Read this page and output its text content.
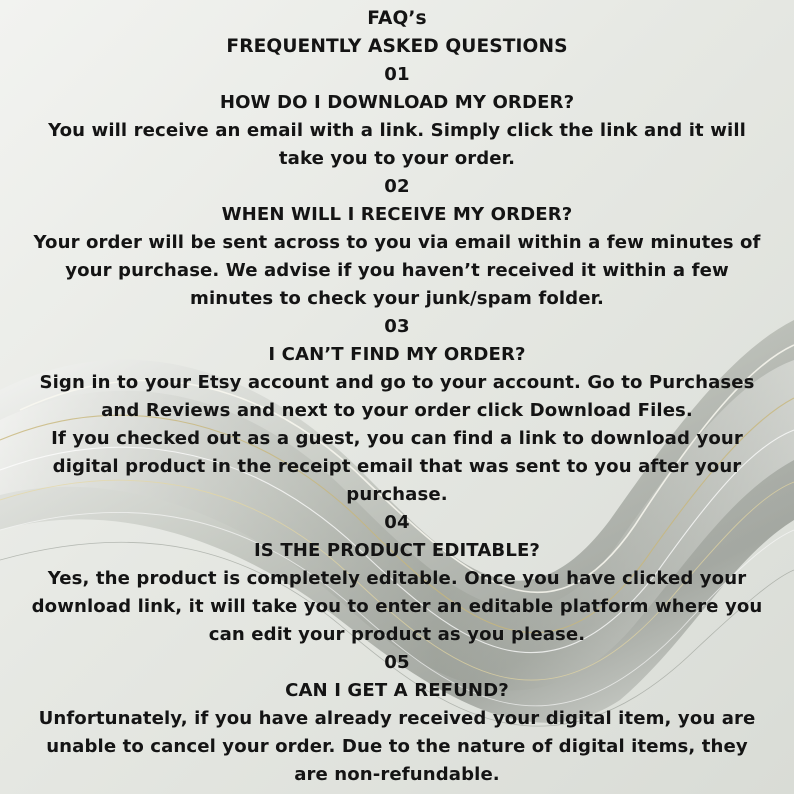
FAQ’s
FREQUENTLY ASKED QUESTIONS
01
HOW DO I DOWNLOAD MY ORDER?
You will receive an email with a link. Simply click the link and it will
take you to your order.
02
WHEN WILL I RECEIVE MY ORDER?
Your order will be sent across to you via email within a few minutes of
your purchase. We advise if you haven’t received it within a few
minutes to check your junk/spam folder.
03
I CAN’T FIND MY ORDER?
Sign in to your Etsy account and go to your account. Go to Purchases
and Reviews and next to your order click Download Files.
If you checked out as a guest, you can find a link to download your
digital product in the receipt email that was sent to you after your
purchase.
04
IS THE PRODUCT EDITABLE?
Yes, the product is completely editable. Once you have clicked your
download link, it will take you to enter an editable platform where you
can edit your product as you please.
05
CAN I GET A REFUND?
Unfortunately, if you have already received your digital item, you are
unable to cancel your order. Due to the nature of digital items, they
are non-refundable.
